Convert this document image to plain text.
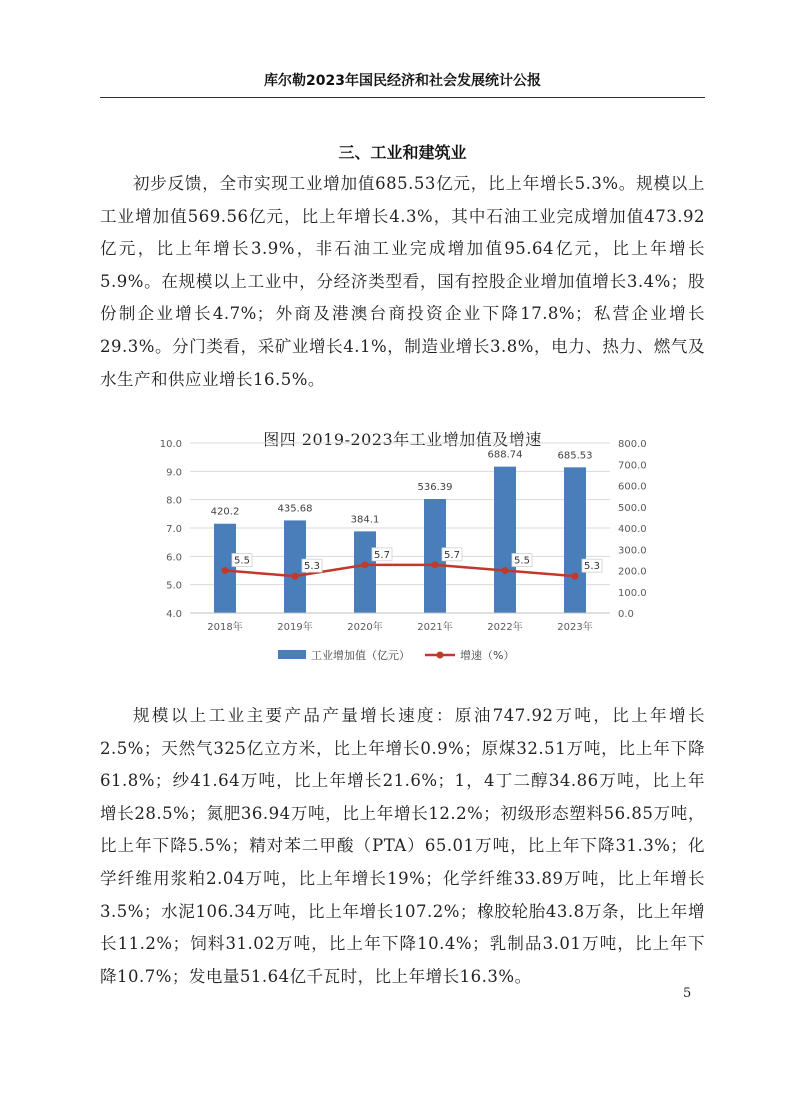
库尔勒2023年国民经济和社会发展统计公报
三、工业和建筑业

初步反馈，全市实现工业增加值685.53亿元，比上年增长5.3%。规模以上工业增加值569.56亿元，比上年增长4.3%，其中石油工业完成增加值473.92亿元，比上年增长3.9%，非石油工业完成增加值95.64亿元，比上年增长5.9%。在规模以上工业中，分经济类型看，国有控股企业增加值增长3.4%；股份制企业增长4.7%；外商及港澳台商投资企业下降17.8%；私营企业增长29.3%。分门类看，采矿业增长4.1%，制造业增长3.8%，电力、热力、燃气及水生产和供应业增长16.5%。

图四 2019-2023年工业增加值及增速
420.2	435.68
384.1
536.39
688.74	685.53
5.5
5.3
5.7	5.7
5.5
5.3
4.0
5.0
6.0
7.0
8.0
9.0
10.0
0.0
100.0
200.0
300.0
400.0
500.0
600.0
700.0
800.0
2018年	2019年	2020年	2021年	2022年	2023年
工业增加值（亿元）	增速（%）

规模以上工业主要产品产量增长速度：原油747.92万吨，比上年增长2.5%；天然气325亿立方米，比上年增长0.9%；原煤32.51万吨，比上年下降61.8%；纱41.64万吨，比上年增长21.6%；1，4丁二醇34.86万吨，比上年增长28.5%；氮肥36.94万吨，比上年增长12.2%；初级形态塑料56.85万吨，比上年下降5.5%；精对苯二甲酸（PTA）65.01万吨，比上年下降31.3%；化学纤维用浆粕2.04万吨，比上年增长19%；化学纤维33.89万吨，比上年增长3.5%；水泥106.34万吨，比上年增长107.2%；橡胶轮胎43.8万条，比上年增长11.2%；饲料31.02万吨，比上年下降10.4%；乳制品3.01万吨，比上年下降10.7%；发电量51.64亿千瓦时，比上年增长16.3%。

5
